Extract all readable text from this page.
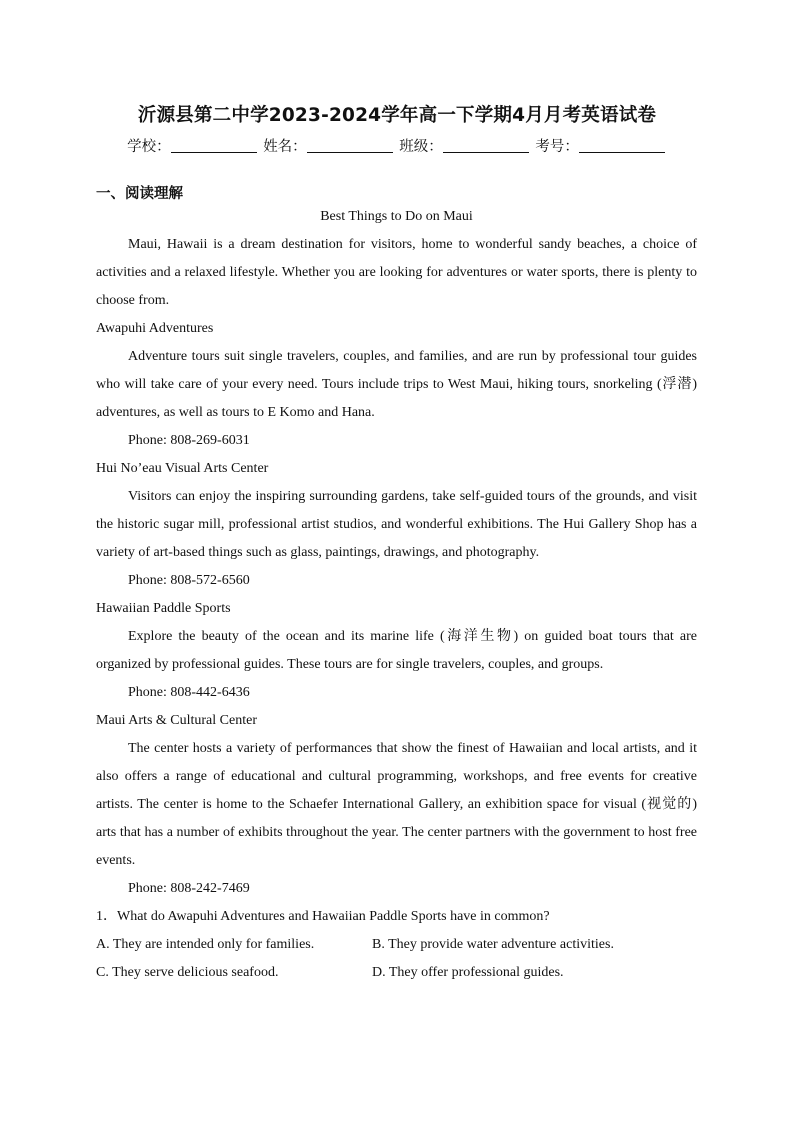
沂源县第二中学2023-2024学年高一下学期4月月考英语试卷
学校：	姓名：	班级：	考号：
一、阅读理解

Best Things to Do on Maui

Maui, Hawaii is a dream destination for visitors, home to wonderful sandy beaches, a choice of activities and a relaxed lifestyle. Whether you are looking for adventures or water sports, there is plenty to choose from.

Awapuhi Adventures

Adventure tours suit single travelers, couples, and families, and are run by professional tour guides who will take care of your every need. Tours include trips to West Maui, hiking tours, snorkeling (浮潜) adventures, as well as tours to E Komo and Hana.

Phone: 808-269-6031

Hui No’eau Visual Arts Center

Visitors can enjoy the inspiring surrounding gardens, take self-guided tours of the grounds, and visit the historic sugar mill, professional artist studios, and wonderful exhibitions. The Hui Gallery Shop has a variety of art-based things such as glass, paintings, drawings, and photography.

Phone: 808-572-6560

Hawaiian Paddle Sports

Explore the beauty of the ocean and its marine life (海洋生物) on guided boat tours that are organized by professional guides. These tours are for single travelers, couples, and groups.

Phone: 808-442-6436

Maui Arts & Cultural Center

The center hosts a variety of performances that show the finest of Hawaiian and local artists, and it also offers a range of educational and cultural programming, workshops, and free events for creative artists. The center is home to the Schaefer International Gallery, an exhibition space for visual (视觉的) arts that has a number of exhibits throughout the year. The center partners with the government to host free events.

Phone: 808-242-7469

1．What do Awapuhi Adventures and Hawaiian Paddle Sports have in common?

A. They are intended only for families.	B. They provide water adventure activities.
C. They serve delicious seafood.	D. They offer professional guides.
